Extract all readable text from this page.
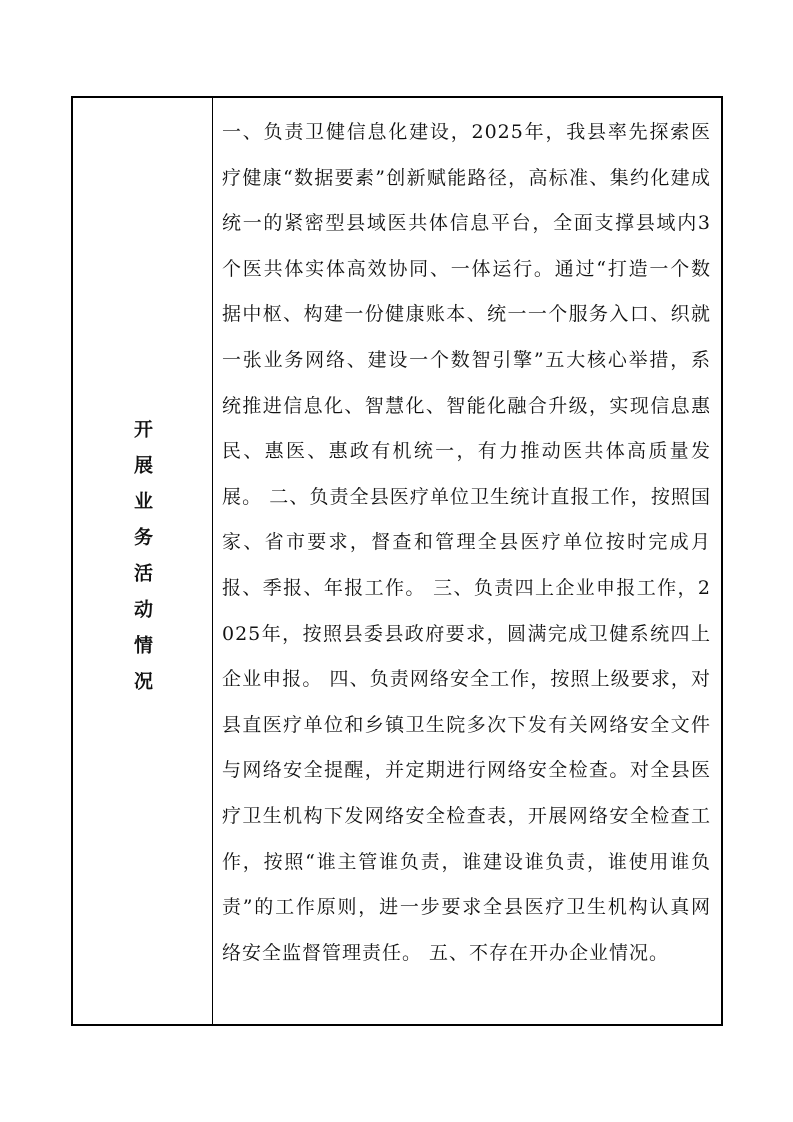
开展业务活动情况

一、负责卫健信息化建设，2025年，我县率先探索医疗健康“数据要素”创新赋能路径，高标准、集约化建成统一的紧密型县域医共体信息平台，全面支撑县域内3个医共体实体高效协同、一体运行。通过“打造一个数据中枢、构建一份健康账本、统一一个服务入口、织就一张业务网络、建设一个数智引擎”五大核心举措，系统推进信息化、智慧化、智能化融合升级，实现信息惠民、惠医、惠政有机统一，有力推动医共体高质量发展。 二、负责全县医疗单位卫生统计直报工作，按照国家、省市要求，督查和管理全县医疗单位按时完成月报、季报、年报工作。 三、负责四上企业申报工作，2025年，按照县委县政府要求，圆满完成卫健系统四上企业申报。 四、负责网络安全工作，按照上级要求，对县直医疗单位和乡镇卫生院多次下发有关网络安全文件与网络安全提醒，并定期进行网络安全检查。对全县医疗卫生机构下发网络安全检查表，开展网络安全检查工作，按照“谁主管谁负责，谁建设谁负责，谁使用谁负责”的工作原则，进一步要求全县医疗卫生机构认真网络安全监督管理责任。 五、不存在开办企业情况。
